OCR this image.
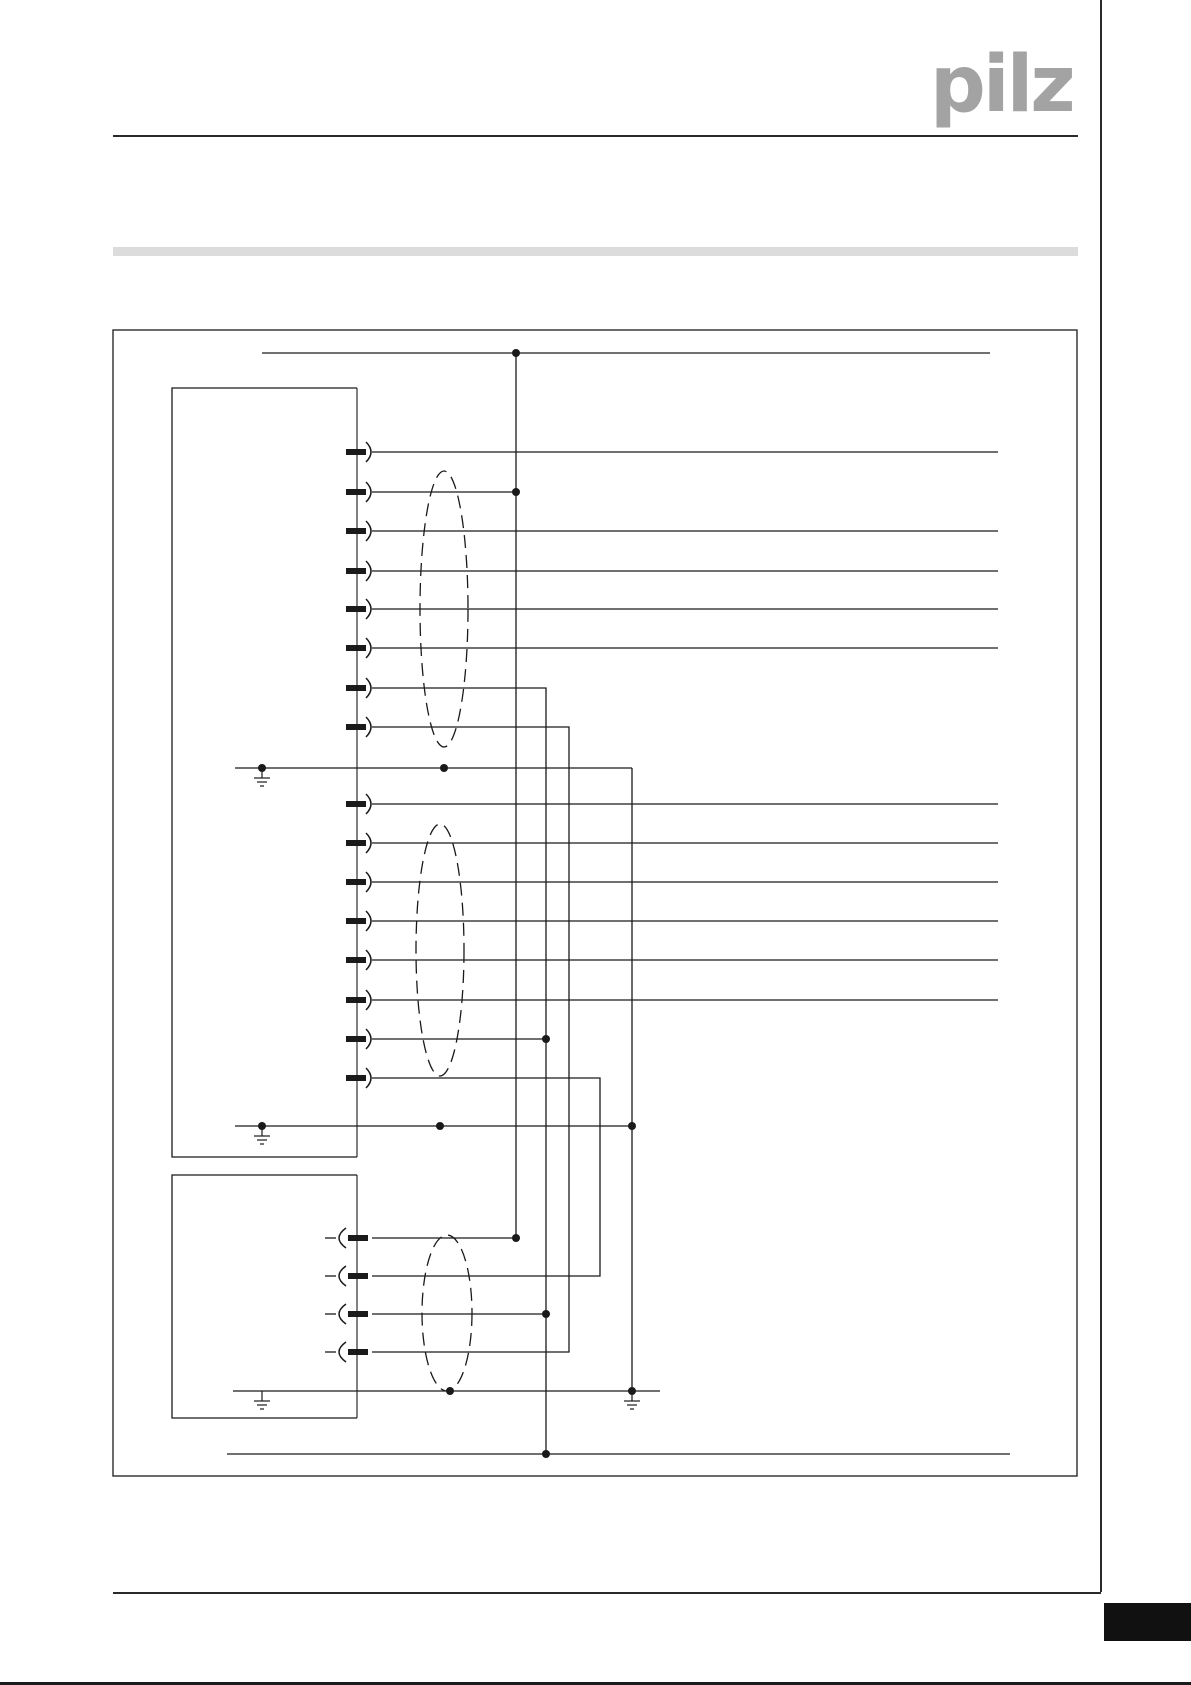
pilz
